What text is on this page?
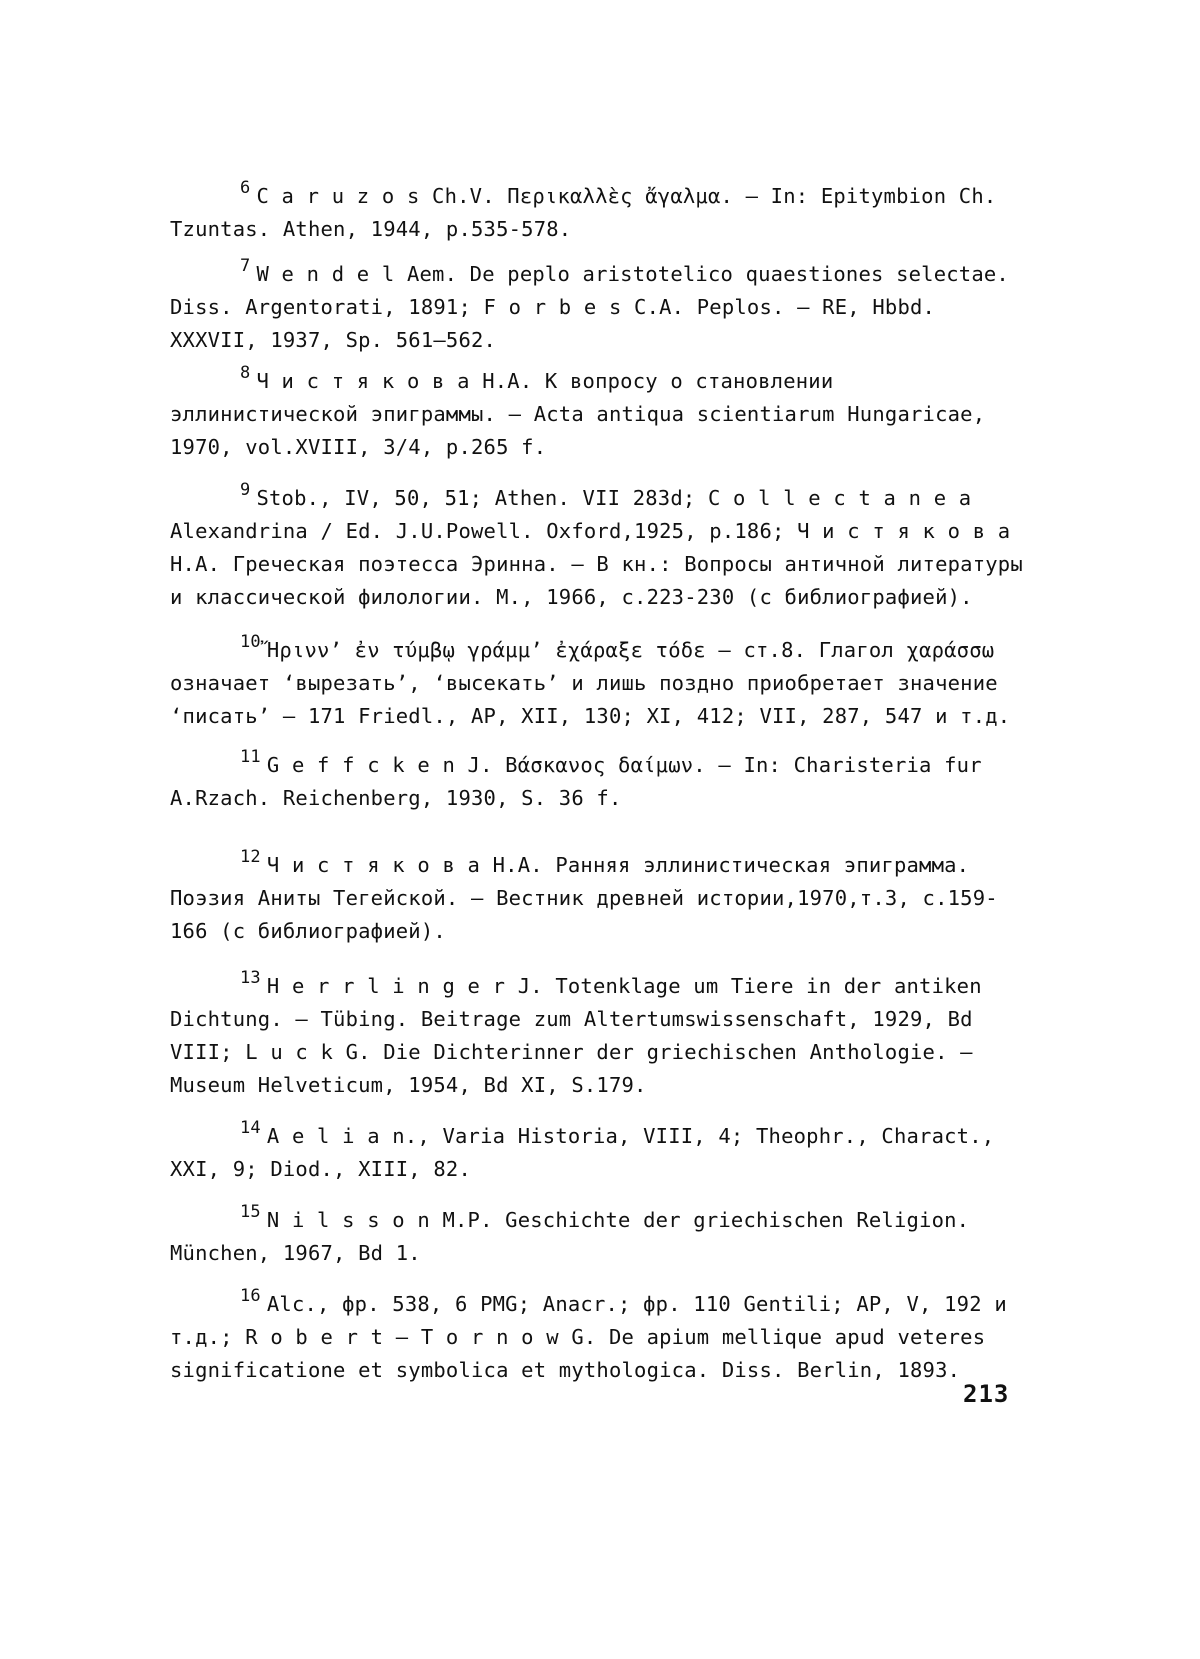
$^6$ C a r u z o s Ch.V. Περικαλλὲς ἄγαλμα. – In: Epitymbion Ch. Tzuntas. Athen, 1944, p.535-578.
$^7$ W e n d e l Aem. De peplo aristotelico quaestiones selectae. Diss. Argentorati, 1891; F o r b e s C.A. Peplos. – RE, Hbbd. XXXVII, 1937, Sp. 561–562.
$^8$ Ч и с т я к о в а Н.А. К вопросу о становлении эллинистической эпиграммы. – Acta antiqua scientiarum Hungaricae, 1970, vol.XVIII, 3/4, p.265 f.
$^9$ Stob., IV, 50, 51; Athen. VII 283d; C o l l e c t a n e a Alexandrina / Ed. J.U.Powell. Oxford,1925, p.186; Ч и с т я к о в а Н.А. Греческая поэтесса Эринна. – В кн.: Вопросы античной литературы и классической филологии. М., 1966, с.223-230 (с библиографией).
$^{10}$ Ἤριννʼ ἐν τύμβῳ γράμμʼ ἐχάραξε τόδε – ст.8. Глагол χαράσσω означает ʻвырезатьʼ, ʻвысекатьʼ и лишь поздно приобретает значение ʻписатьʼ – 171 Friedl., AP, XII, 130; XI, 412; VII, 287, 547 и т.д.
$^{11}$ G e f f c k e n J. Βάσκανος δαίμων. – In: Charisteria fur A.Rzach. Reichenberg, 1930, S. 36 f.
$^{12}$ Ч и с т я к о в а Н.А. Ранняя эллинистическая эпиграмма. Поэзия Аниты Тегейской. – Вестник древней истории,1970,т.3, с.159-166 (с библиографией).
$^{13}$ H e r r l i n g e r J. Totenklage um Tiere in der antiken Dichtung. – Tübing. Beitrage zum Altertumswissenschaft, 1929, Bd VIII; L u c k G. Die Dichterinner der griechischen Anthologie. – Museum Helveticum, 1954, Bd XI, S.179.
$^{14}$ A e l i a n., Varia Historia, VIII, 4; Theophr., Charact., XXI, 9; Diod., XIII, 82.
$^{15}$ N i l s s o n M.P. Geschichte der griechischen Religion. München, 1967, Bd 1.
$^{16}$ Alc., фр. 538, 6 PMG; Anacr.; фр. 110 Gentili; AP, V, 192 и т.д.; R o b e r t – T o r n o w G. De apium mellique apud veteres significatione et symbolica et mythologica. Diss. Berlin, 1893.
213
